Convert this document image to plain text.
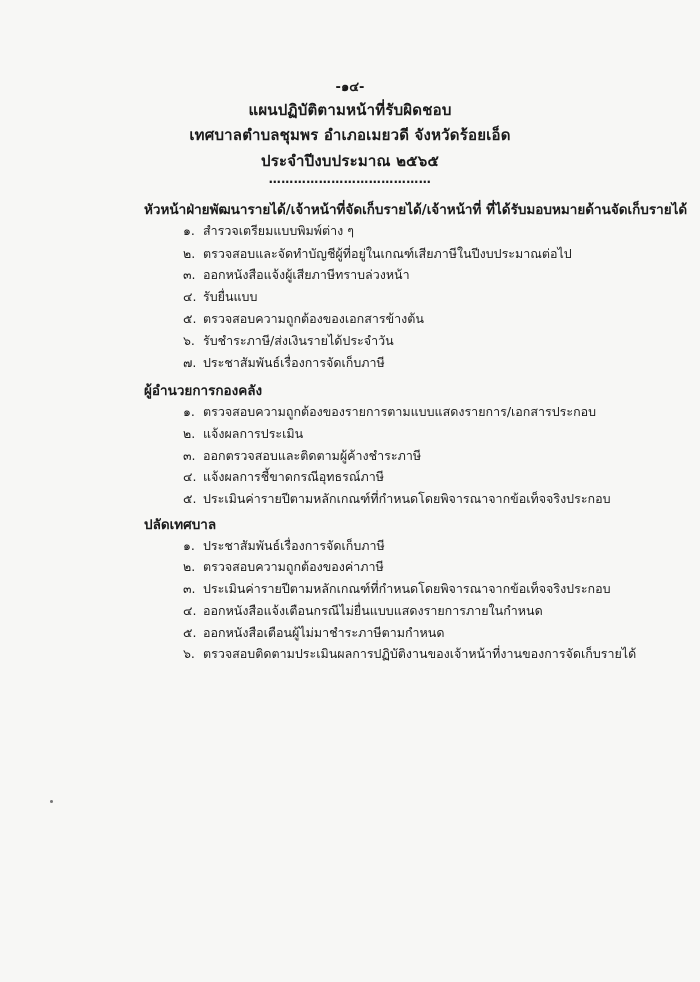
-๑๔-
แผนปฏิบัติตามหน้าที่รับผิดชอบ
เทศบาลตำบลชุมพร อำเภอเมยวดี จังหวัดร้อยเอ็ด
ประจำปีงบประมาณ ๒๕๖๕
…………………………………
หัวหน้าฝ่ายพัฒนารายได้/เจ้าหน้าที่จัดเก็บรายได้/เจ้าหน้าที่ ที่ได้รับมอบหมายด้านจัดเก็บรายได้
๑. สำรวจเตรียมแบบพิมพ์ต่าง ๆ
๒. ตรวจสอบและจัดทำบัญชีผู้ที่อยู่ในเกณฑ์เสียภาษีในปีงบประมาณต่อไป
๓. ออกหนังสือแจ้งผู้เสียภาษีทราบล่วงหน้า
๔. รับยื่นแบบ
๕. ตรวจสอบความถูกต้องของเอกสารข้างต้น
๖. รับชำระภาษี/ส่งเงินรายได้ประจำวัน
๗. ประชาสัมพันธ์เรื่องการจัดเก็บภาษี
ผู้อำนวยการกองคลัง
๑. ตรวจสอบความถูกต้องของรายการตามแบบแสดงรายการ/เอกสารประกอบ
๒. แจ้งผลการประเมิน
๓. ออกตรวจสอบและติดตามผู้ค้างชำระภาษี
๔. แจ้งผลการชี้ขาดกรณีอุทธรณ์ภาษี
๕. ประเมินค่ารายปีตามหลักเกณฑ์ที่กำหนดโดยพิจารณาจากข้อเท็จจริงประกอบ
ปลัดเทศบาล
๑. ประชาสัมพันธ์เรื่องการจัดเก็บภาษี
๒. ตรวจสอบความถูกต้องของค่าภาษี
๓. ประเมินค่ารายปีตามหลักเกณฑ์ที่กำหนดโดยพิจารณาจากข้อเท็จจริงประกอบ
๔. ออกหนังสือแจ้งเตือนกรณีไม่ยื่นแบบแสดงรายการภายในกำหนด
๕. ออกหนังสือเตือนผู้ไม่มาชำระภาษีตามกำหนด
๖. ตรวจสอบติดตามประเมินผลการปฏิบัติงานของเจ้าหน้าที่งานของการจัดเก็บรายได้
